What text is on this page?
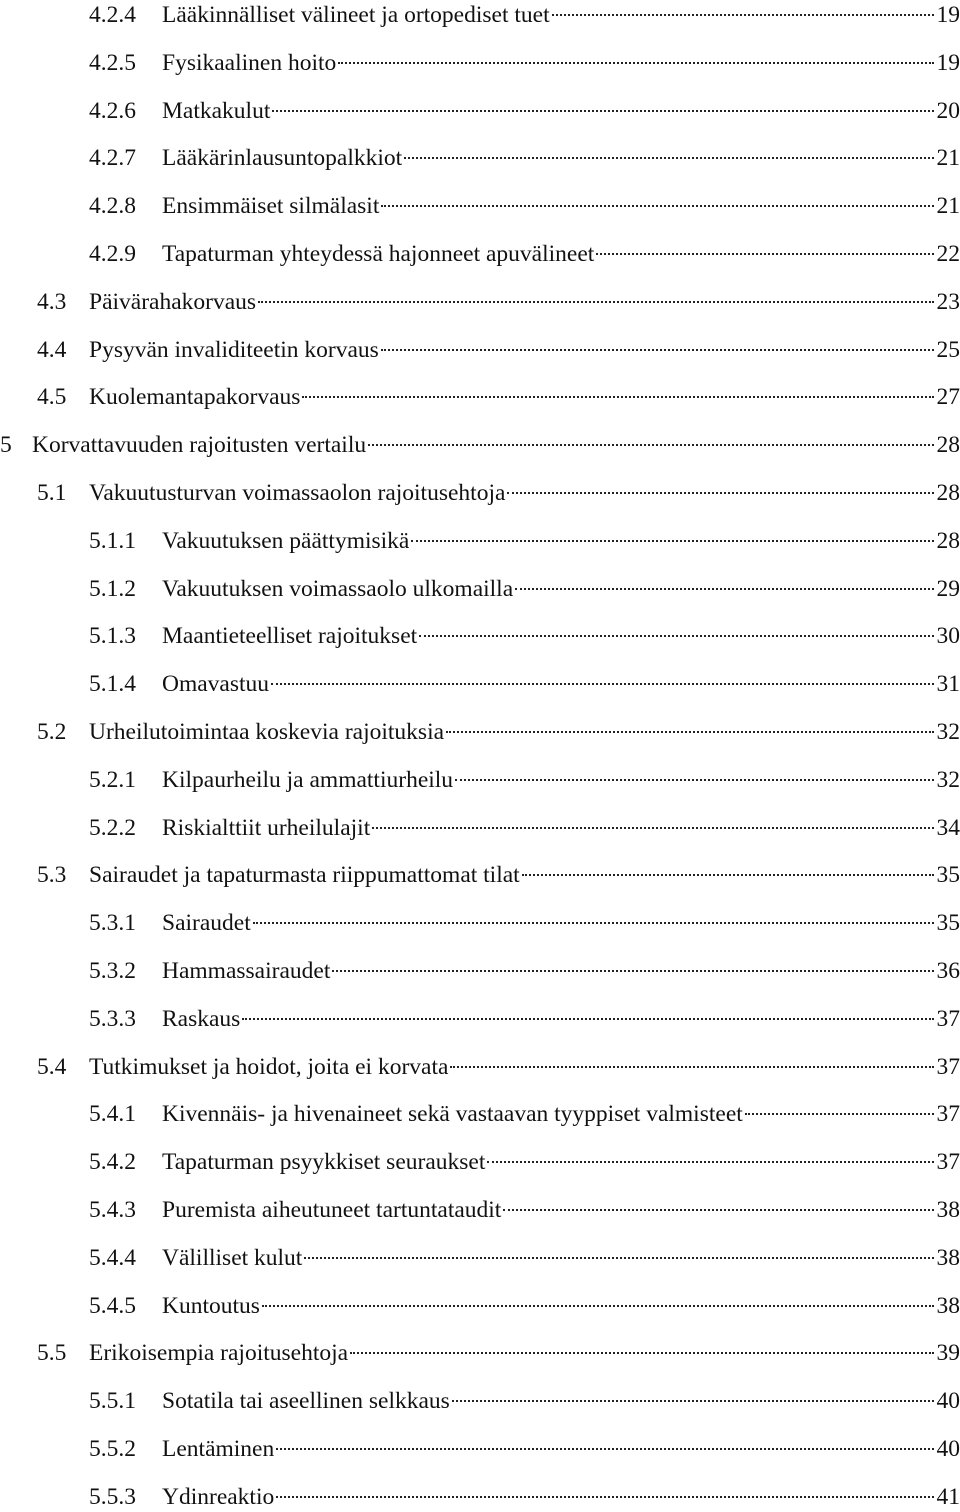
4.2.4	Lääkinnälliset välineet ja ortopediset tuet	19
4.2.5	Fysikaalinen hoito	19
4.2.6	Matkakulut	20
4.2.7	Lääkärinlausuntopalkkiot	21
4.2.8	Ensimmäiset silmälasit	21
4.2.9	Tapaturman yhteydessä hajonneet apuvälineet	22
4.3 Päivärahakorvaus	23
4.4 Pysyvän invaliditeetin korvaus	25
4.5 Kuolemantapakorvaus	27
5 Korvattavuuden rajoitusten vertailu	28
5.1 Vakuutusturvan voimassaolon rajoitusehtoja	28
5.1.1	Vakuutuksen päättymisikä	28
5.1.2	Vakuutuksen voimassaolo ulkomailla	29
5.1.3	Maantieteelliset rajoitukset	30
5.1.4	Omavastuu	31
5.2 Urheilutoimintaa koskevia rajoituksia	32
5.2.1	Kilpaurheilu ja ammattiurheilu	32
5.2.2	Riskialttiit urheilulajit	34
5.3 Sairaudet ja tapaturmasta riippumattomat tilat	35
5.3.1	Sairaudet	35
5.3.2	Hammassairaudet	36
5.3.3	Raskaus	37
5.4 Tutkimukset ja hoidot, joita ei korvata	37
5.4.1	Kivennäis- ja hivenaineet sekä vastaavan tyyppiset valmisteet	37
5.4.2	Tapaturman psyykkiset seuraukset	37
5.4.3	Puremista aiheutuneet tartuntataudit	38
5.4.4	Välilliset kulut	38
5.4.5	Kuntoutus	38
5.5 Erikoisempia rajoitusehtoja	39
5.5.1	Sotatila tai aseellinen selkkaus	40
5.5.2	Lentäminen	40
5.5.3	Ydinreaktio	41
